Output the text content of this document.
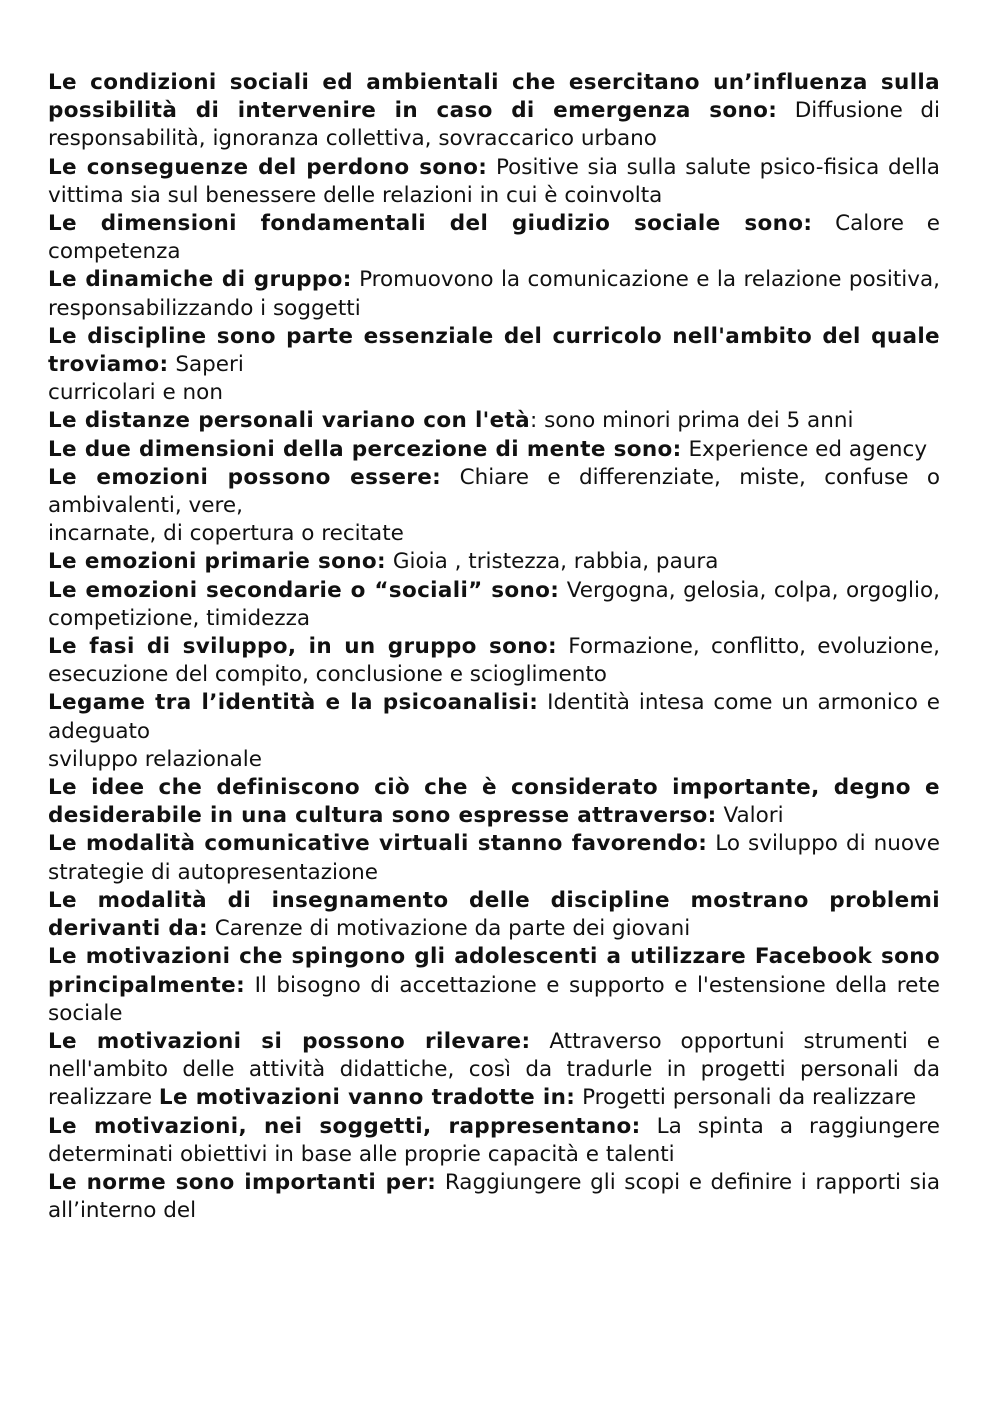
Le condizioni sociali ed ambientali che esercitano un’influenza sulla possibilità di intervenire in caso di emergenza sono: Diffusione di responsabilità, ignoranza collettiva, sovraccarico urbano

Le conseguenze del perdono sono: Positive sia sulla salute psico-fisica della vittima sia sul benessere delle relazioni in cui è coinvolta

Le dimensioni fondamentali del giudizio sociale sono: Calore e competenza

Le dinamiche di gruppo: Promuovono la comunicazione e la relazione positiva, responsabilizzando i soggetti

Le discipline sono parte essenziale del curricolo nell'ambito del quale troviamo: Saperi

curricolari e non

Le distanze personali variano con l'età: sono minori prima dei 5 anni

Le due dimensioni della percezione di mente sono: Experience ed agency

Le emozioni possono essere: Chiare e differenziate, miste, confuse o ambivalenti, vere,

incarnate, di copertura o recitate

Le emozioni primarie sono: Gioia , tristezza, rabbia, paura

Le emozioni secondarie o “sociali” sono: Vergogna, gelosia, colpa, orgoglio, competizione, timidezza

Le fasi di sviluppo, in un gruppo sono: Formazione, conflitto, evoluzione, esecuzione del compito, conclusione e scioglimento

Legame tra l’identità e la psicoanalisi: Identità intesa come un armonico e adeguato

sviluppo relazionale

Le idee che definiscono ciò che è considerato importante, degno e desiderabile in una cultura sono espresse attraverso: Valori

Le modalità comunicative virtuali stanno favorendo: Lo sviluppo di nuove strategie di autopresentazione

Le modalità di insegnamento delle discipline mostrano problemi derivanti da: Carenze di motivazione da parte dei giovani

Le motivazioni che spingono gli adolescenti a utilizzare Facebook sono principalmente: Il bisogno di accettazione e supporto e l'estensione della rete sociale

Le motivazioni si possono rilevare: Attraverso opportuni strumenti e nell'ambito delle attività didattiche, così da tradurle in progetti personali da realizzare Le motivazioni vanno tradotte in: Progetti personali da realizzare

Le motivazioni, nei soggetti, rappresentano: La spinta a raggiungere determinati obiettivi in base alle proprie capacità e talenti

Le norme sono importanti per: Raggiungere gli scopi e definire i rapporti sia all’interno del
